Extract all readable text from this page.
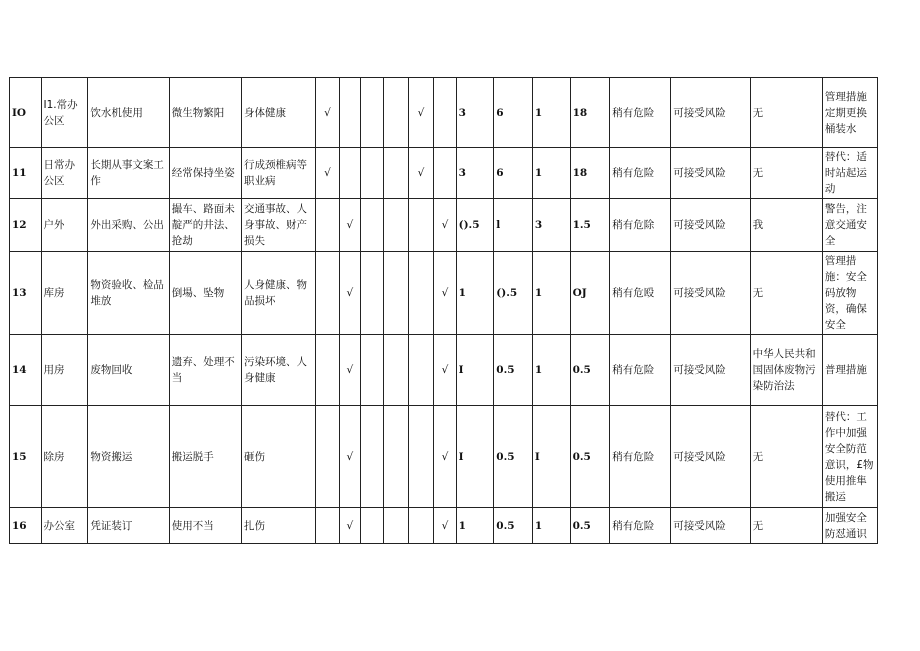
IO	I1.常办公区	饮水机使用	微生物繁阳	身体健康	√				√		3	6	1	18	稍有危险	可接受风险	无	管理措施定期更换桶装水
11	日常办公区	长期从事文案工作	经常保持坐姿	行成颈椎病等职业病	√				√		3	6	1	18	稍有危险	可接受风险	无	替代：适时站起运动
12	户外	外出采购、公出	撮车、路面未靛严的井法、抢劫	交通事故、人身事故、财产损失		√				√	().5	l	3	1.5	稍有危除	可接受风险	我	警告，注意交通安全
13	库房	物资验收、检品堆放	倒場、坠物	人身健康、物品损坏		√				√	1	().5	1	OJ	稍有危殴	可接受风险	无	管理措施：安全码放物资，确保安全
14	用房	废物回收	遗弃、处理不当	污染环境、人身健康		√				√	I	0.5	1	0.5	稍有危险	可接受风险	中华人民共和国固体废物污染防治法	普理措施
15	除房	物资搬运	搬运脱手	砸伤		√				√	I	0.5	I	0.5	稍有危险	可接受风险	无	替代：工作中加强安全防范意识，£物使用推隼搬运
16	办公室	凭证装订	使用不当	扎伤		√				√	1	0.5	1	0.5	稍有危险	可接受风险	无	加强安全防怼通识
